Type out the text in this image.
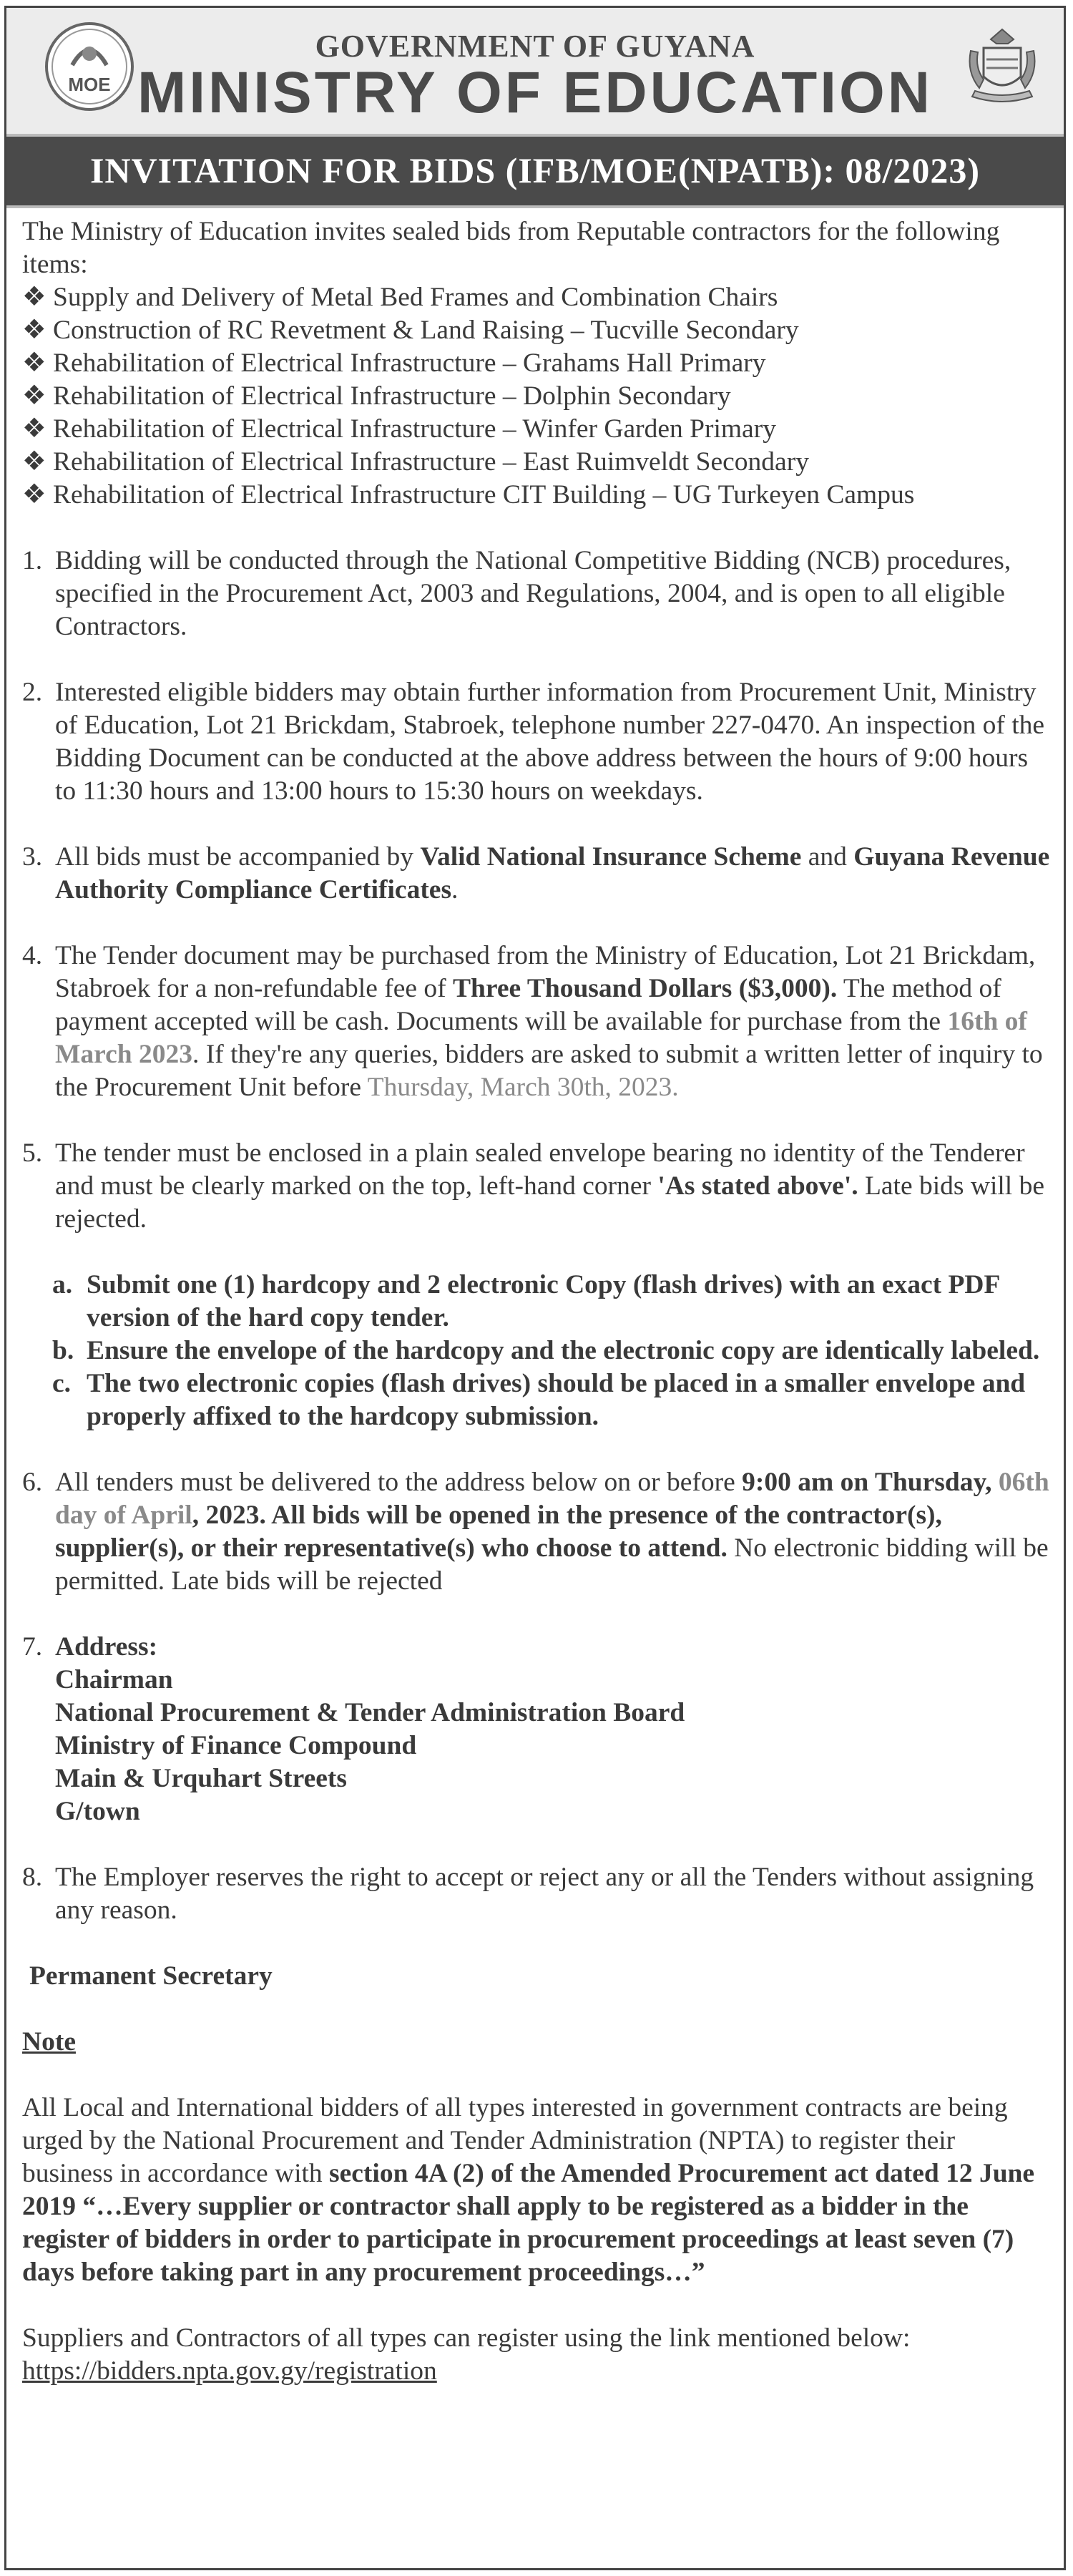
MOE
GOVERNMENT OF GUYANA
MINISTRY OF EDUCATION
INVITATION FOR BIDS (IFB/MOE(NPATB): 08/2023)

The Ministry of Education invites sealed bids from Reputable contractors for the following items:

❖ Supply and Delivery of Metal Bed Frames and Combination Chairs
❖ Construction of RC Revetment & Land Raising – Tucville Secondary
❖ Rehabilitation of Electrical Infrastructure – Grahams Hall Primary
❖ Rehabilitation of Electrical Infrastructure – Dolphin Secondary
❖ Rehabilitation of Electrical Infrastructure – Winfer Garden Primary
❖ Rehabilitation of Electrical Infrastructure – East Ruimveldt Secondary
❖ Rehabilitation of Electrical Infrastructure CIT Building – UG Turkeyen Campus
1. Bidding will be conducted through the National Competitive Bidding (NCB) procedures, specified in the Procurement Act, 2003 and Regulations, 2004, and is open to all eligible Contractors.
2. Interested eligible bidders may obtain further information from Procurement Unit, Ministry of Education, Lot 21 Brickdam, Stabroek, telephone number 227-0470. An inspection of the Bidding Document can be conducted at the above address between the hours of 9:00 hours to 11:30 hours and 13:00 hours to 15:30 hours on weekdays.
3. All bids must be accompanied by Valid National Insurance Scheme and Guyana Revenue Authority Compliance Certificates.
4. The Tender document may be purchased from the Ministry of Education, Lot 21 Brickdam, Stabroek for a non-refundable fee of Three Thousand Dollars ($3,000). The method of payment accepted will be cash. Documents will be available for purchase from the 16th of March 2023. If they're any queries, bidders are asked to submit a written letter of inquiry to the Procurement Unit before Thursday, March 30th, 2023.
5. The tender must be enclosed in a plain sealed envelope bearing no identity of the Tenderer and must be clearly marked on the top, left-hand corner 'As stated above'. Late bids will be rejected.
a. Submit one (1) hardcopy and 2 electronic Copy (flash drives) with an exact PDF version of the hard copy tender.
b. Ensure the envelope of the hardcopy and the electronic copy are identically labeled.
c. The two electronic copies (flash drives) should be placed in a smaller envelope and properly affixed to the hardcopy submission.
6. All tenders must be delivered to the address below on or before 9:00 am on Thursday, 06th day of April, 2023. All bids will be opened in the presence of the contractor(s), supplier(s), or their representative(s) who choose to attend. No electronic bidding will be permitted. Late bids will be rejected
7. Address:
Chairman
National Procurement & Tender Administration Board
Ministry of Finance Compound
Main & Urquhart Streets
G/town
8. The Employer reserves the right to accept or reject any or all the Tenders without assigning any reason.

Permanent Secretary

Note

All Local and International bidders of all types interested in government contracts are being urged by the National Procurement and Tender Administration (NPTA) to register their business in accordance with section 4A (2) of the Amended Procurement act dated 12 June 2019 “…Every supplier or contractor shall apply to be registered as a bidder in the register of bidders in order to participate in procurement proceedings at least seven (7) days before taking part in any procurement proceedings…”

Suppliers and Contractors of all types can register using the link mentioned below: https://bidders.npta.gov.gy/registration
